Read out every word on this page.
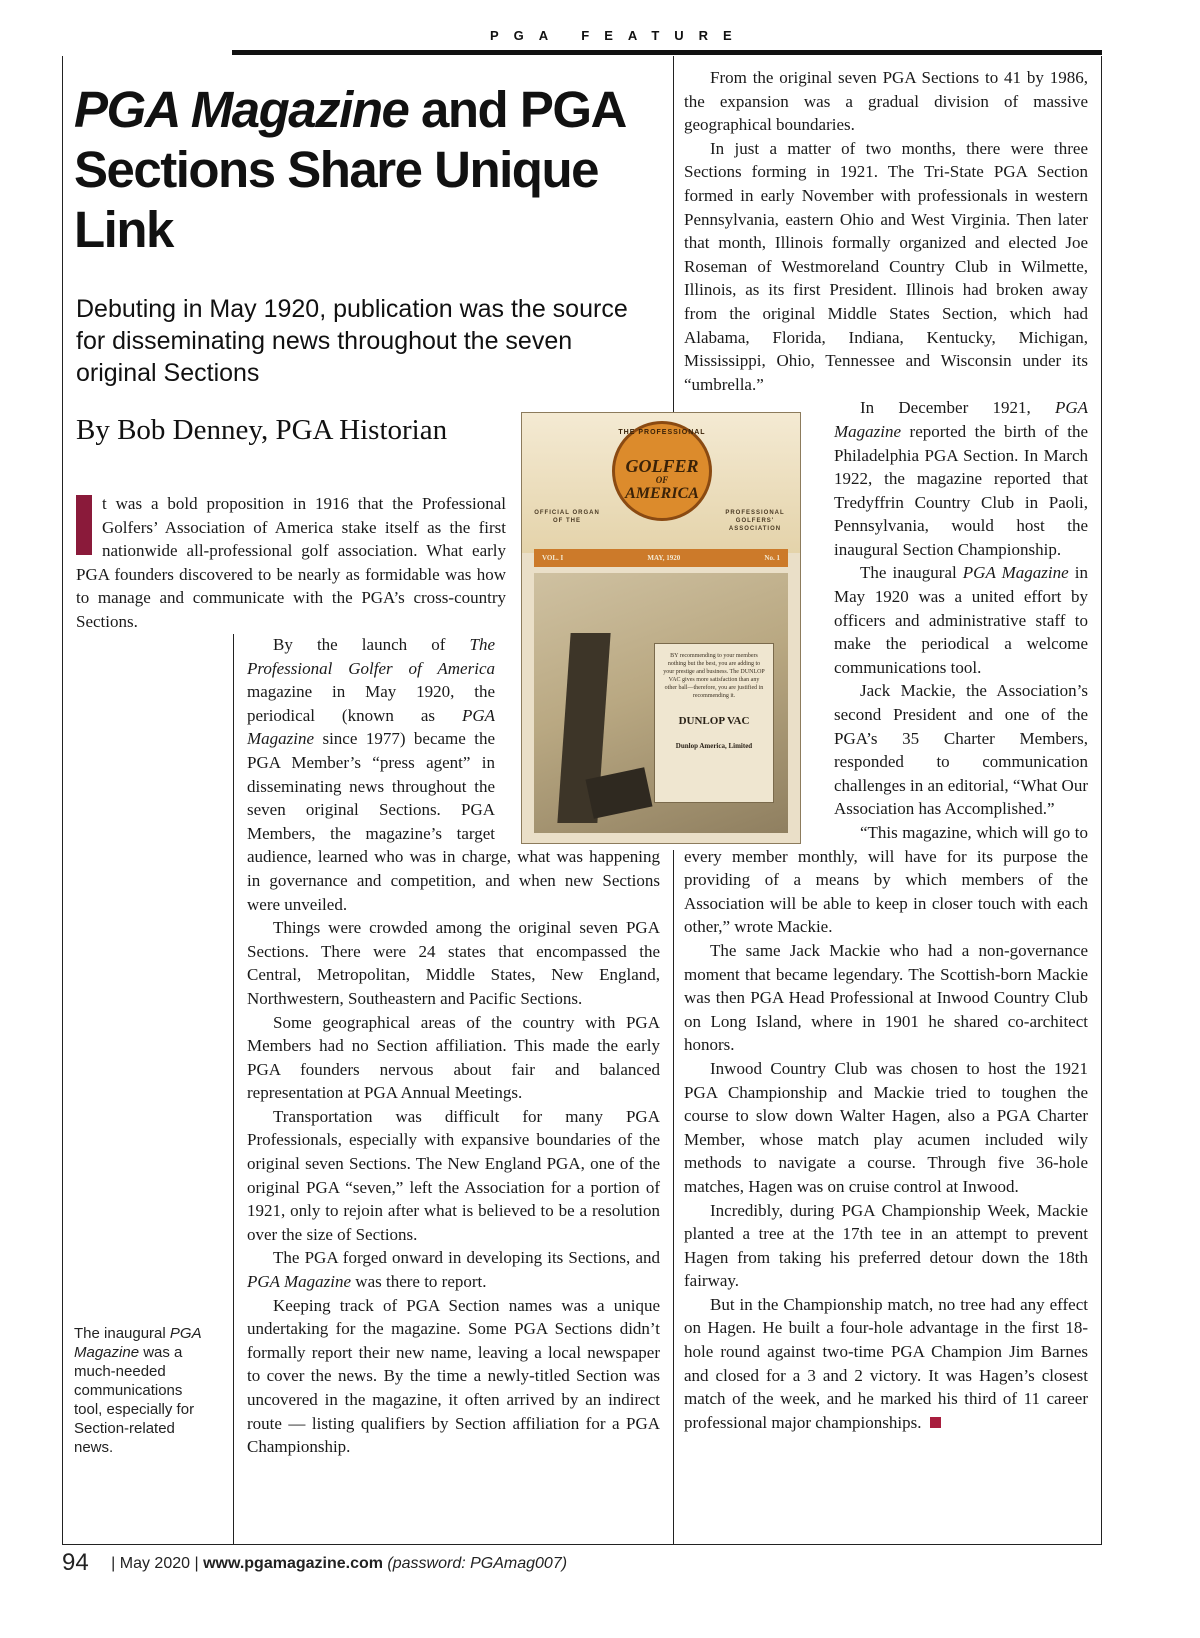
PGA FEATURE
PGA Magazine and PGA Sections Share Unique Link

Debuting in May 1920, publication was the source for disseminating news throughout the seven original Sections

By Bob Denney, PGA Historian

t was a bold proposition in 1916 that the Professional Golfers’ Association of America stake itself as the first nationwide all-professional golf association. What early PGA founders discovered to be nearly as formidable was how to manage and communicate with the PGA’s cross-country Sections.

By the launch of The Professional Golfer of America magazine in May 1920, the periodical (known as PGA Magazine since 1977) became the PGA Member’s “press agent” in disseminating news throughout the seven original Sections. PGA Members, the magazine’s target audience, learned who was in charge, what was happening in governance and competition, and when new Sections were unveiled.

Things were crowded among the original seven PGA Sections. There were 24 states that encompassed the Central, Metropolitan, Middle States, New England, Northwestern, Southeastern and Pacific Sections.

Some geographical areas of the country with PGA Members had no Section affiliation. This made the early PGA founders nervous about fair and balanced representation at PGA Annual Meetings.

Transportation was difficult for many PGA Professionals, especially with expansive boundaries of the original seven Sections. The New England PGA, one of the original PGA “seven,” left the Association for a portion of 1921, only to rejoin after what is believed to be a resolution over the size of Sections.

The PGA forged onward in developing its Sections, and PGA Magazine was there to report.

Keeping track of PGA Section names was a unique undertaking for the magazine. Some PGA Sections didn’t formally report their new name, leaving a local newspaper to cover the news. By the time a newly-titled Section was uncovered in the magazine, it often arrived by an indirect route — listing qualifiers by Section affiliation for a PGA Championship.

From the original seven PGA Sections to 41 by 1986, the expansion was a gradual division of massive geographical boundaries.

In just a matter of two months, there were three Sections forming in 1921. The Tri-State PGA Section formed in early November with professionals in western Pennsylvania, eastern Ohio and West Virginia. Then later that month, Illinois formally organized and elected Joe Roseman of Westmoreland Country Club in Wilmette, Illinois, as its first President. Illinois had broken away from the original Middle States Section, which had Alabama, Florida, Indiana, Kentucky, Michigan, Mississippi, Ohio, Tennessee and Wisconsin under its “umbrella.”

In December 1921, PGA Magazine reported the birth of the Philadelphia PGA Section. In March 1922, the magazine reported that Tredyffrin Country Club in Paoli, Pennsylvania, would host the inaugural Section Championship.

The inaugural PGA Magazine in May 1920 was a united effort by officers and administrative staff to make the periodical a welcome communications tool.

Jack Mackie, the Association’s second President and one of the PGA’s 35 Charter Members, responded to communication challenges in an editorial, “What Our Association has Accomplished.”

“This magazine, which will go to every member monthly, will have for its purpose the providing of a means by which members of the Association will be able to keep in closer touch with each other,” wrote Mackie.

The same Jack Mackie who had a non-governance moment that became legendary. The Scottish-born Mackie was then PGA Head Professional at Inwood Country Club on Long Island, where in 1901 he shared co-architect honors.

Inwood Country Club was chosen to host the 1921 PGA Championship and Mackie tried to toughen the course to slow down Walter Hagen, also a PGA Charter Member, whose match play acumen included wily methods to navigate a course. Through five 36-hole matches, Hagen was on cruise control at Inwood.

Incredibly, during PGA Championship Week, Mackie planted a tree at the 17th tee in an attempt to prevent Hagen from taking his preferred detour down the 18th fairway.

But in the Championship match, no tree had any effect on Hagen. He built a four-hole advantage in the first 18-hole round against two-time PGA Champion Jim Barnes and closed for a 3 and 2 victory. It was Hagen’s closest match of the week, and he marked his third of 11 career professional major championships.

THE PROFESSIONAL
GOLFER
OF
AMERICA
OFFICIAL ORGAN OF THE
PROFESSIONAL GOLFERS' ASSOCIATION
VOL. I	MAY, 1920	No. 1
BY recommending to your members nothing but the best, you are adding to your prestige and business. The DUNLOP VAC gives more satisfaction than any other ball—therefore, you are justified in recommending it.
DUNLOP VAC
Dunlop America, Limited

The inaugural PGA Magazine was a much-needed communications tool, especially for Section-related news.

94 | May 2020 | www.pgamagazine.com (password: PGAmag007)
